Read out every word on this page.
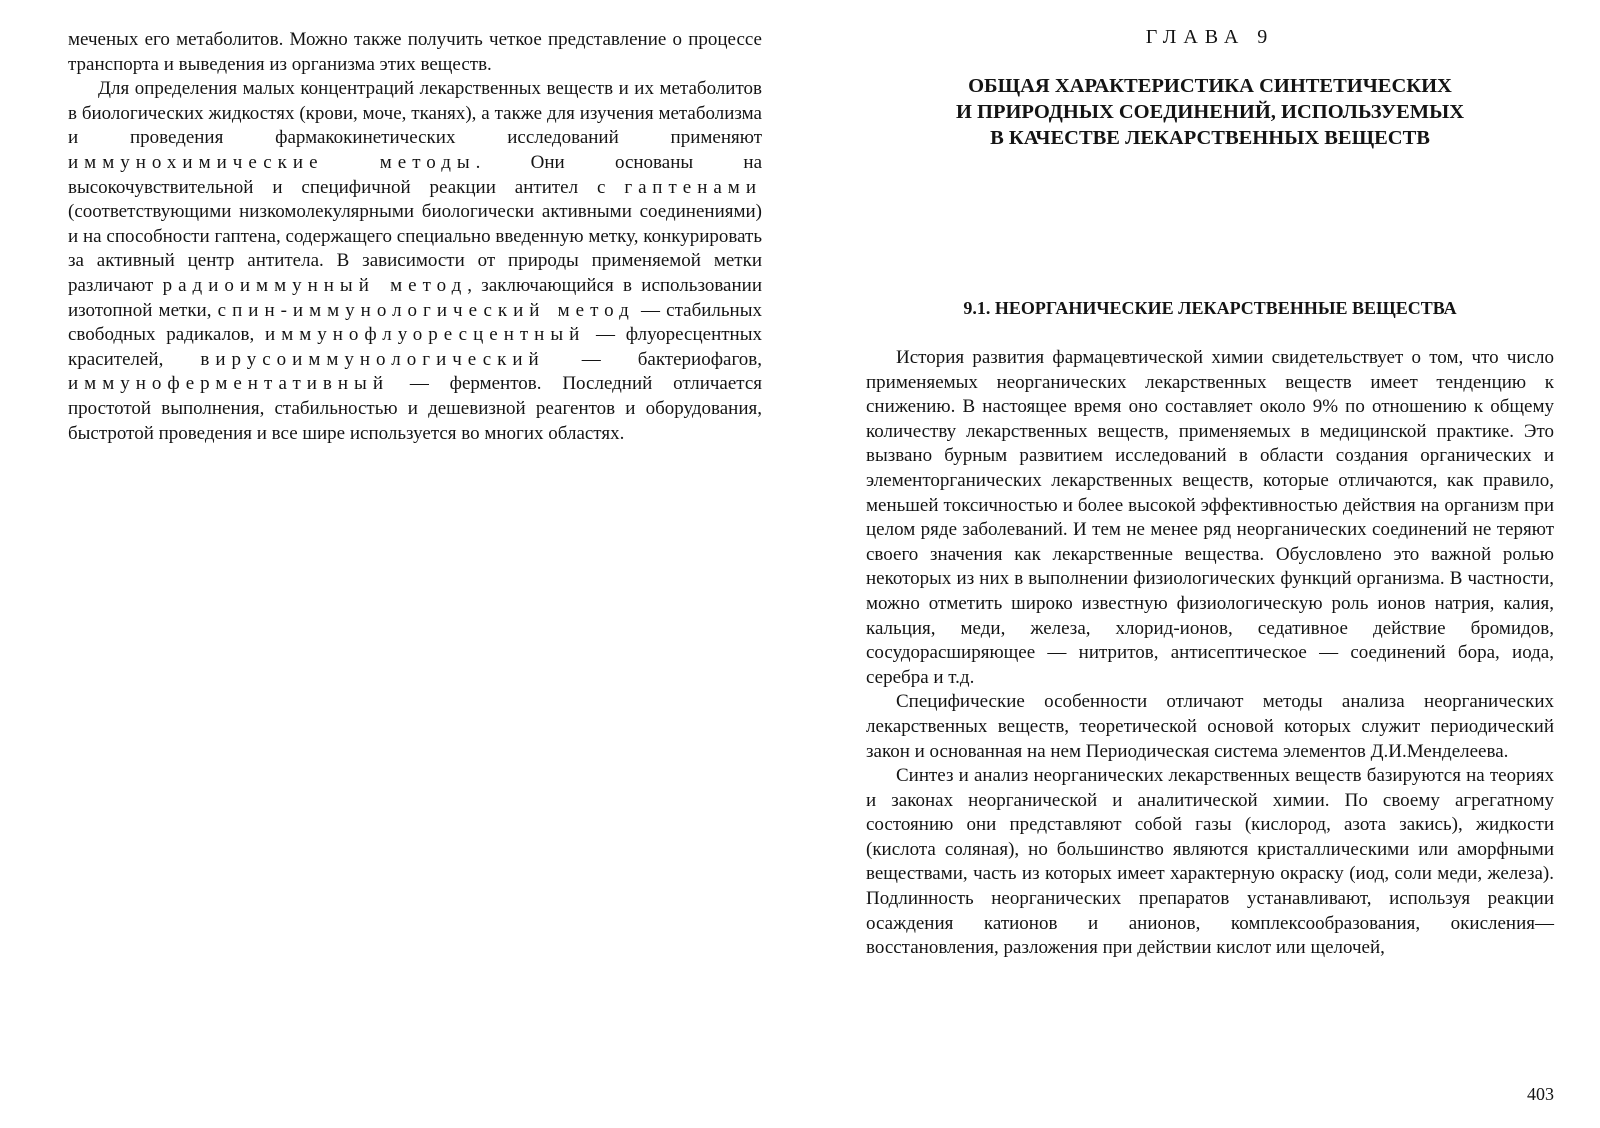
меченых его метаболитов. Можно также получить четкое представление о процессе транспорта и выведения из организма этих веществ.

Для определения малых концентраций лекарственных веществ и их метаболитов в биологических жидкостях (крови, моче, тканях), а также для изучения метаболизма и проведения фармакокинетических исследований применяют иммунохимические методы. Они основаны на высокочувствительной и специфичной реакции антител с гаптенами (соответствующими низкомолекулярными биологически активными соединениями) и на способности гаптена, содержащего специально введенную метку, конкурировать за активный центр антитела. В зависимости от природы применяемой метки различают радиоиммунный метод, заключающийся в использовании изотопной метки, спин-иммунологический метод — стабильных свободных радикалов, иммунофлуоресцентный — флуоресцентных красителей, вирусоиммунологический — бактериофагов, иммуноферментативный — ферментов. Последний отличается простотой выполнения, стабильностью и дешевизной реагентов и оборудования, быстротой проведения и все шире используется во многих областях.

ГЛАВА 9
ОБЩАЯ ХАРАКТЕРИСТИКА СИНТЕТИЧЕСКИХ
И ПРИРОДНЫХ СОЕДИНЕНИЙ, ИСПОЛЬЗУЕМЫХ
В КАЧЕСТВЕ ЛЕКАРСТВЕННЫХ ВЕЩЕСТВ
9.1. НЕОРГАНИЧЕСКИЕ ЛЕКАРСТВЕННЫЕ ВЕЩЕСТВА

История развития фармацевтической химии свидетельствует о том, что число применяемых неорганических лекарственных веществ имеет тенденцию к снижению. В настоящее время оно составляет около 9% по отношению к общему количеству лекарственных веществ, применяемых в медицинской практике. Это вызвано бурным развитием исследований в области создания органических и элементорганических лекарственных веществ, которые отличаются, как правило, меньшей токсичностью и более высокой эффективностью действия на организм при целом ряде заболеваний. И тем не менее ряд неорганических соединений не теряют своего значения как лекарственные вещества. Обусловлено это важной ролью некоторых из них в выполнении физиологических функций организма. В частности, можно отметить широко известную физиологическую роль ионов натрия, калия, кальция, меди, железа, хлорид-ионов, седативное действие бромидов, сосудорасширяющее — нитритов, антисептическое — соединений бора, иода, серебра и т.д.

Специфические особенности отличают методы анализа неорганических лекарственных веществ, теоретической основой которых служит периодический закон и основанная на нем Периодическая система элементов Д.И.Менделеева.

Синтез и анализ неорганических лекарственных веществ базируются на теориях и законах неорганической и аналитической химии. По своему агрегатному состоянию они представляют собой газы (кислород, азота закись), жидкости (кислота соляная), но большинство являются кристаллическими или аморфными веществами, часть из которых имеет характерную окраску (иод, соли меди, железа). Подлинность неорганических препаратов устанавливают, используя реакции осаждения катионов и анионов, комплексообразования, окисления—восстановления, разложения при действии кислот или щелочей,

403
